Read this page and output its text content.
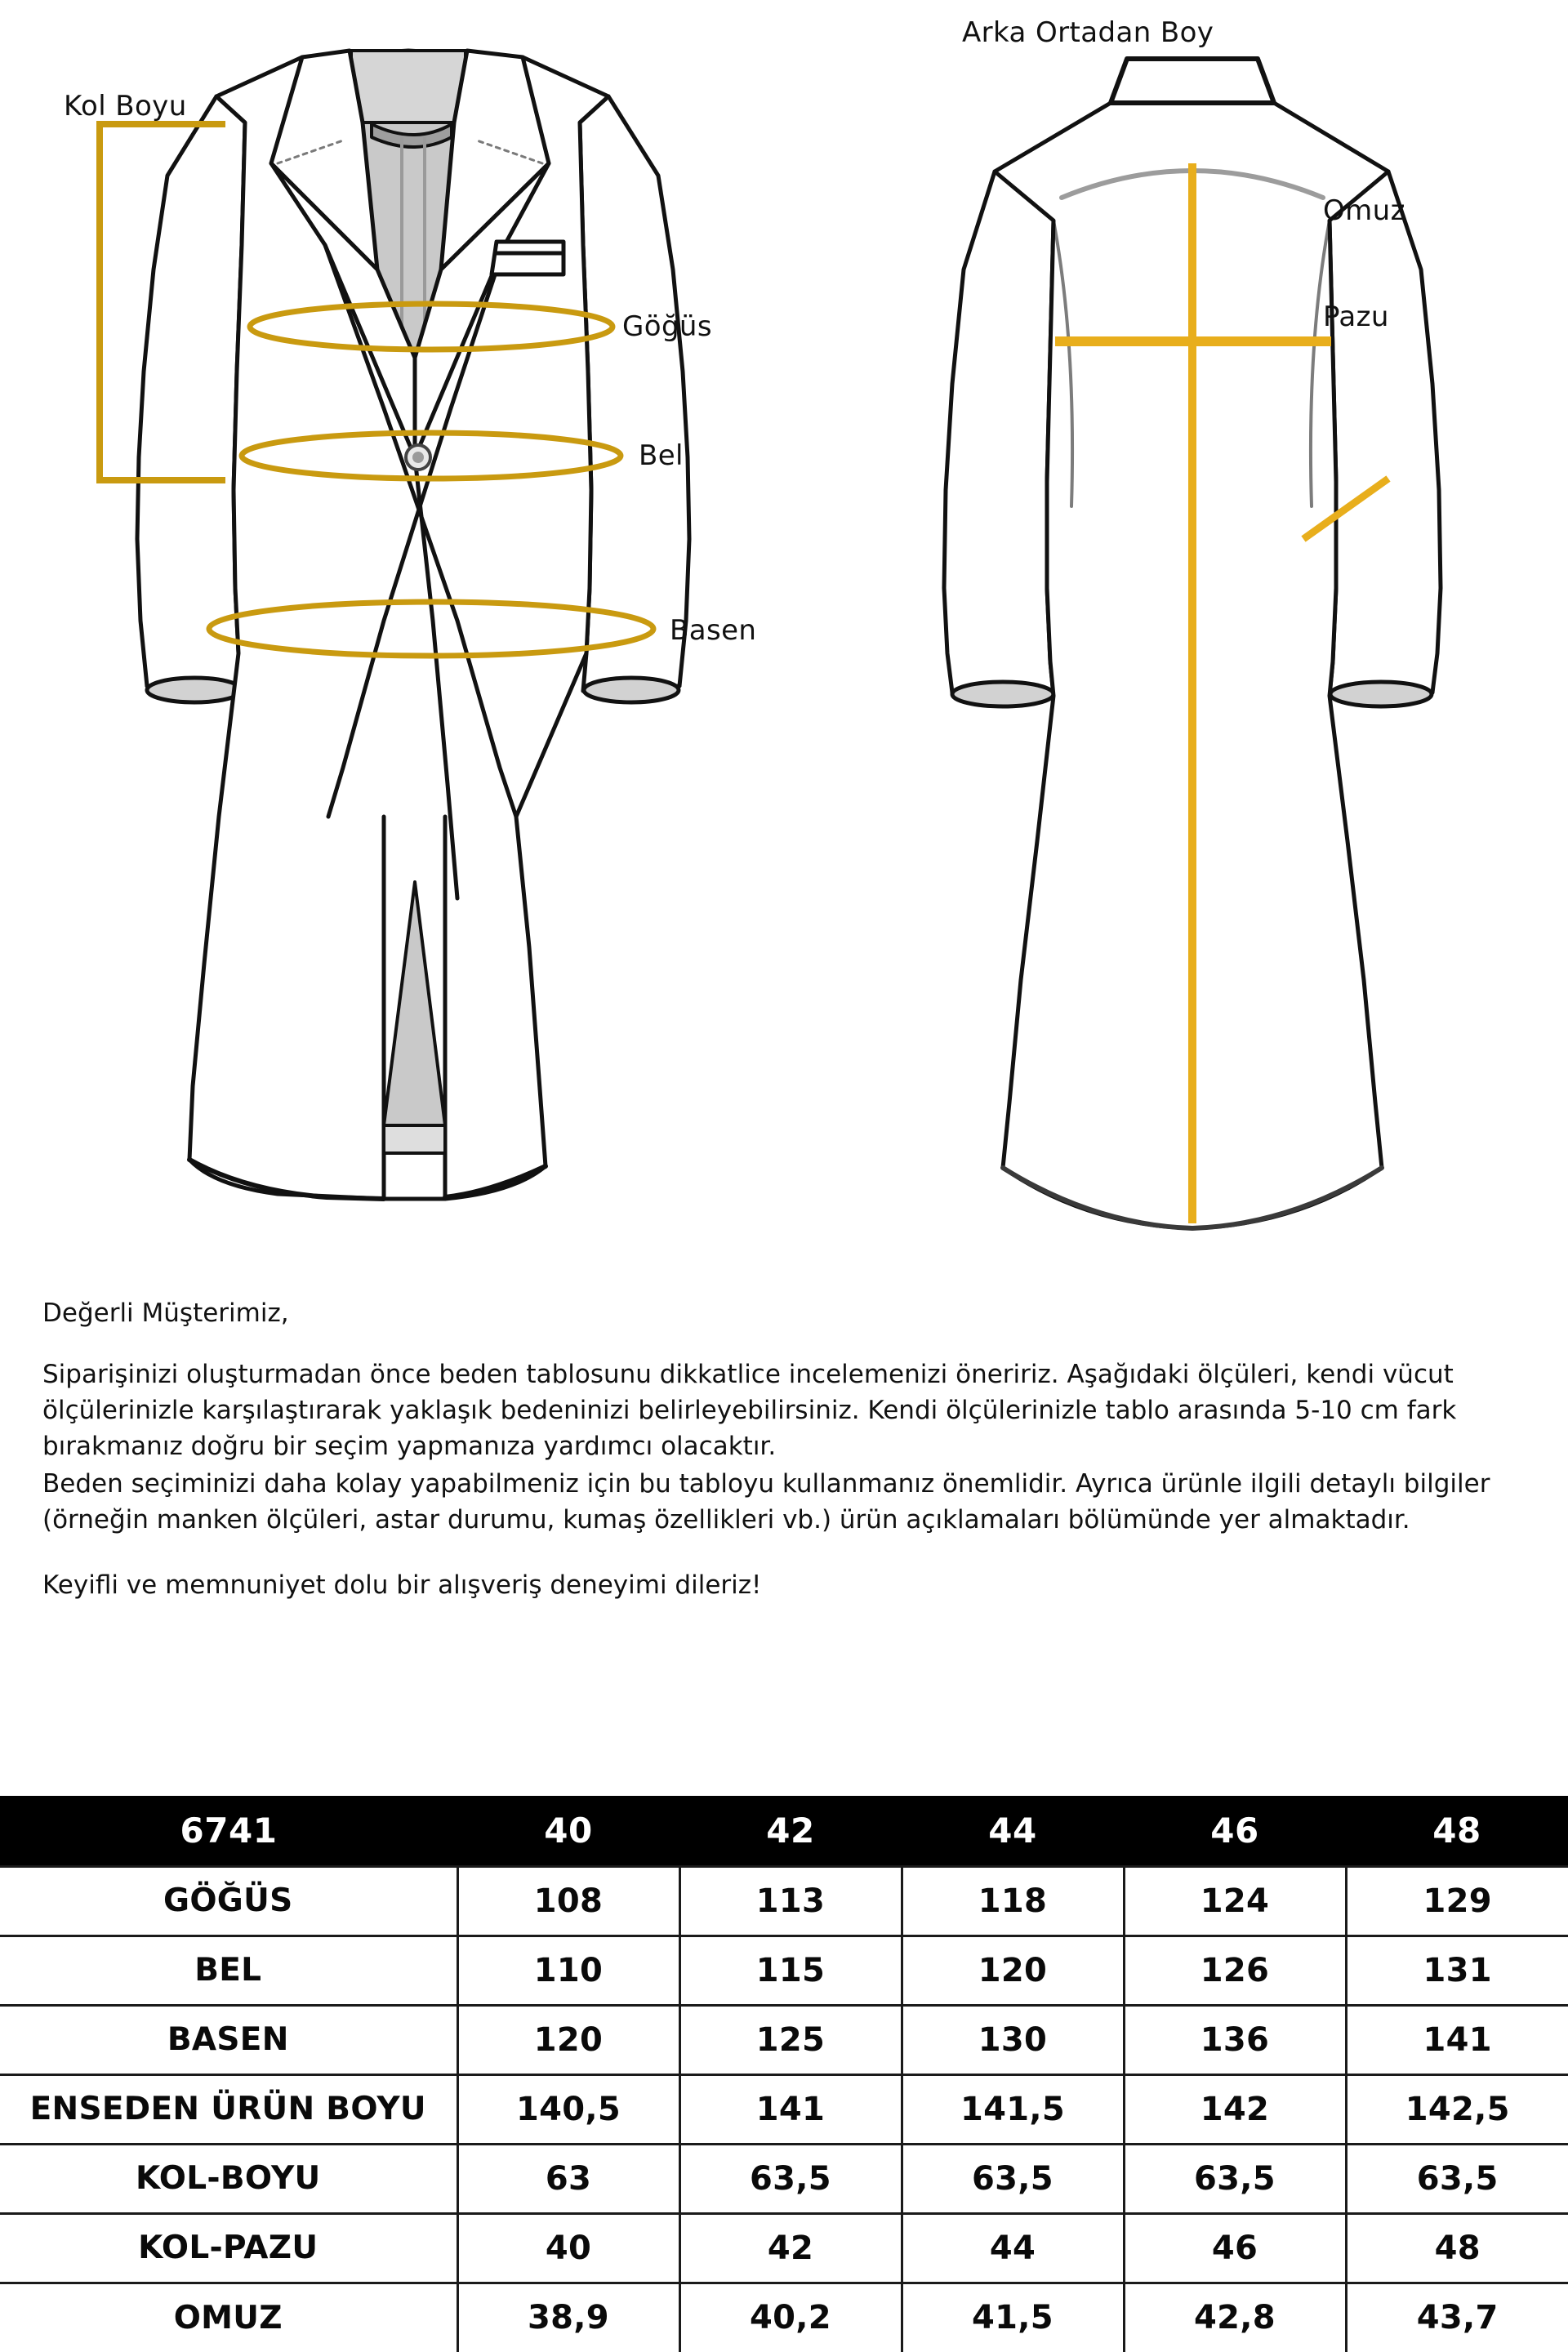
Kol Boyu
Göğüs
Bel
Basen
Arka Ortadan Boy
Omuz
Pazu
Değerli Müşterimiz,

Siparişinizi oluşturmadan önce beden tablosunu dikkatlice incelemenizi öneririz. Aşağıdaki ölçüleri, kendi vücut ölçülerinizle karşılaştırarak yaklaşık bedeninizi belirleyebilirsiniz. Kendi ölçülerinizle tablo arasında 5-10 cm fark bırakmanız doğru bir seçim yapmanıza yardımcı olacaktır.

Beden seçiminizi daha kolay yapabilmeniz için bu tabloyu kullanmanız önemlidir. Ayrıca ürünle ilgili detaylı bilgiler (örneğin manken ölçüleri, astar durumu, kumaş özellikleri vb.) ürün açıklamaları bölümünde yer almaktadır.

Keyifli ve memnuniyet dolu bir alışveriş deneyimi dileriz!
6741	40	42	44	46	48
GÖĞÜS	108	113	118	124	129
BEL	110	115	120	126	131
BASEN	120	125	130	136	141
ENSEDEN ÜRÜN BOYU	140,5	141	141,5	142	142,5
KOL-BOYU	63	63,5	63,5	63,5	63,5
KOL-PAZU	40	42	44	46	48
OMUZ	38,9	40,2	41,5	42,8	43,7
